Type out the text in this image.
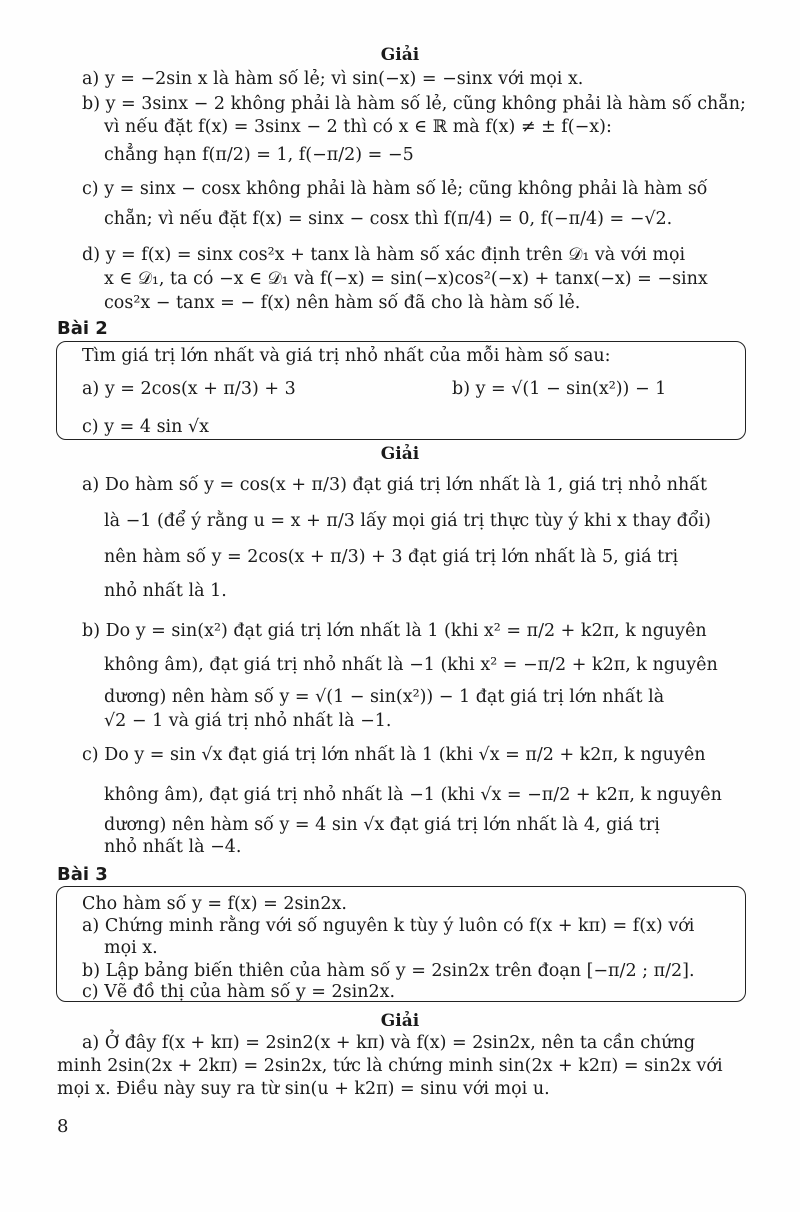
Giải
a) y = −2sin x là hàm số lẻ; vì sin(−x) = −sinx với mọi x.
b) y = 3sinx − 2 không phải là hàm số lẻ, cũng không phải là hàm số chẵn;
vì nếu đặt f(x) = 3sinx − 2 thì có x ∈ ℝ mà f(x) ≠ ± f(−x):
chẳng hạn f(π/2) = 1, f(−π/2) = −5
c) y = sinx − cosx không phải là hàm số lẻ; cũng không phải là hàm số
chẵn; vì nếu đặt f(x) = sinx − cosx thì f(π/4) = 0, f(−π/4) = −√2.
d) y = f(x) = sinx cos²x + tanx là hàm số xác định trên 𝒟₁ và với mọi
x ∈ 𝒟₁, ta có −x ∈ 𝒟₁ và f(−x) = sin(−x)cos²(−x) + tanx(−x) = −sinx
cos²x − tanx = − f(x) nên hàm số đã cho là hàm số lẻ.
Bài 2
Tìm giá trị lớn nhất và giá trị nhỏ nhất của mỗi hàm số sau:
a) y = 2cos(x + π/3) + 3	b) y = √(1 − sin(x²)) − 1
c) y = 4 sin √x
Giải
a) Do hàm số y = cos(x + π/3) đạt giá trị lớn nhất là 1, giá trị nhỏ nhất
là −1 (để ý rằng u = x + π/3 lấy mọi giá trị thực tùy ý khi x thay đổi)
nên hàm số y = 2cos(x + π/3) + 3 đạt giá trị lớn nhất là 5, giá trị
nhỏ nhất là 1.
b) Do y = sin(x²) đạt giá trị lớn nhất là 1 (khi x² = π/2 + k2π, k nguyên
không âm), đạt giá trị nhỏ nhất là −1 (khi x² = −π/2 + k2π, k nguyên
dương) nên hàm số y = √(1 − sin(x²)) − 1 đạt giá trị lớn nhất là
√2 − 1 và giá trị nhỏ nhất là −1.
c) Do y = sin √x đạt giá trị lớn nhất là 1 (khi √x = π/2 + k2π, k nguyên
không âm), đạt giá trị nhỏ nhất là −1 (khi √x = −π/2 + k2π, k nguyên
dương) nên hàm số y = 4 sin √x đạt giá trị lớn nhất là 4, giá trị
nhỏ nhất là −4.
Bài 3
Cho hàm số y = f(x) = 2sin2x.
a) Chứng minh rằng với số nguyên k tùy ý luôn có f(x + kπ) = f(x) với
mọi x.
b) Lập bảng biến thiên của hàm số y = 2sin2x trên đoạn [−π/2 ; π/2].
c) Vẽ đồ thị của hàm số y = 2sin2x.
Giải
a) Ở đây f(x + kπ) = 2sin2(x + kπ) và f(x) = 2sin2x, nên ta cần chứng
minh 2sin(2x + 2kπ) = 2sin2x, tức là chứng minh sin(2x + k2π) = sin2x với
mọi x. Điều này suy ra từ sin(u + k2π) = sinu với mọi u.
8
